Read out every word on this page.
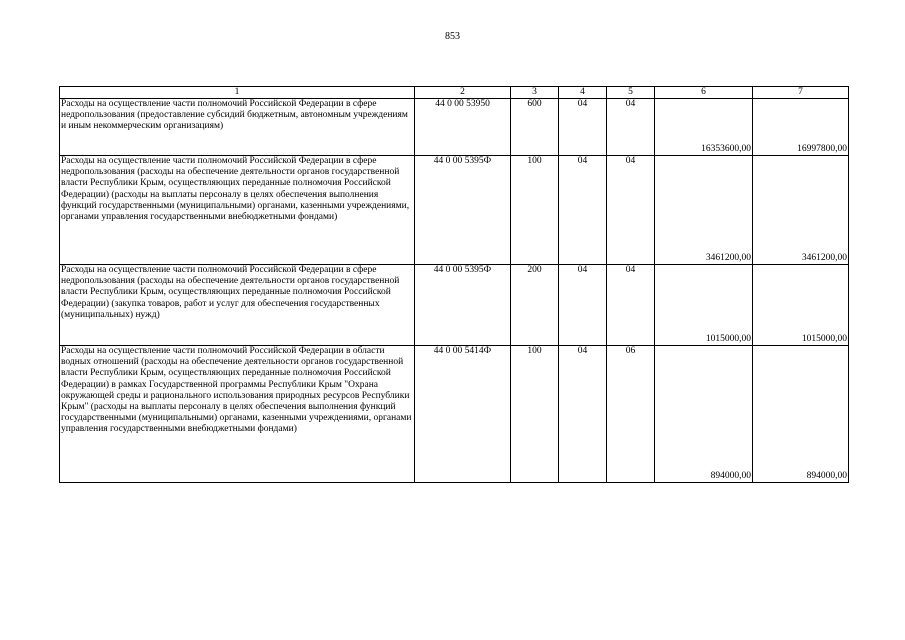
853
1	2	3	4	5	6	7
Расходы на осуществление части полномочий Российской Федерации в сфере недропользования (предоставление субсидий бюджетным, автономным учреждениям и иным некоммерческим организациям)	44 0 00 53950	600	04	04	16353600,00	16997800,00
Расходы на осуществление части полномочий Российской Федерации в сфере недропользования (расходы на обеспечение деятельности органов государственной власти Республики Крым, осуществляющих переданные полномочия Российской Федерации) (расходы на выплаты персоналу в целях обеспечения выполнения функций государственными (муниципальными) органами, казенными учреждениями, органами управления государственными внебюджетными фондами)	44 0 00 5395Ф	100	04	04	3461200,00	3461200,00
Расходы на осуществление части полномочий Российской Федерации в сфере недропользования (расходы на обеспечение деятельности органов государственной власти Республики Крым, осуществляющих переданные полномочия Российской Федерации) (закупка товаров, работ и услуг для обеспечения государственных (муниципальных) нужд)	44 0 00 5395Ф	200	04	04	1015000,00	1015000,00
Расходы на осуществление части полномочий Российской Федерации в области водных отношений (расходы на обеспечение деятельности органов государственной власти Республики Крым, осуществляющих переданные полномочия Российской Федерации) в рамках Государственной программы Республики Крым "Охрана окружающей среды и рационального использования природных ресурсов Республики Крым" (расходы на выплаты персоналу в целях обеспечения выполнения функций государственными (муниципальными) органами, казенными учреждениями, органами управления государственными внебюджетными фондами)	44 0 00 5414Ф	100	04	06	894000,00	894000,00
